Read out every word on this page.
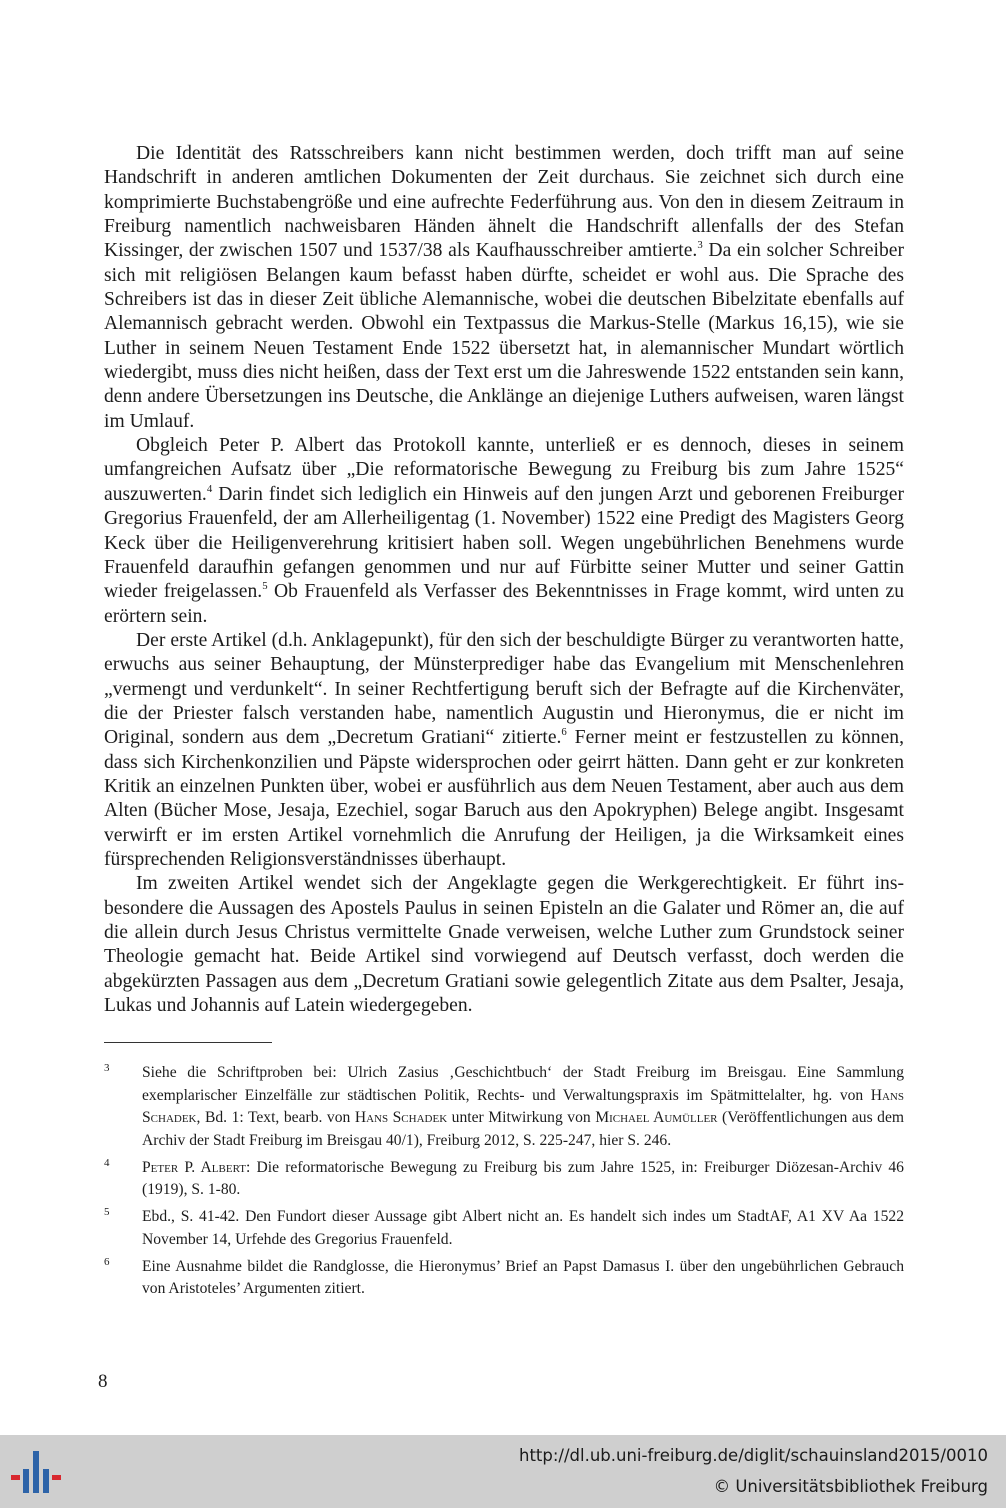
Die Identität des Ratsschreibers kann nicht bestimmen werden, doch trifft man auf seine Handschrift in anderen amtlichen Dokumenten der Zeit durchaus. Sie zeichnet sich durch eine komprimierte Buchstabengröße und eine aufrechte Federführung aus. Von den in diesem Zeitraum in Freiburg namentlich nachweisbaren Händen ähnelt die Handschrift allenfalls der des Stefan Kissinger, der zwischen 1507 und 1537/38 als Kaufhausschreiber amtierte.$^3$ Da ein solcher Schreiber sich mit religiösen Belangen kaum befasst haben dürfte, scheidet er wohl aus. Die Sprache des Schreibers ist das in dieser Zeit übliche Alemannische, wobei die deutschen Bibelzitate ebenfalls auf Alemannisch gebracht werden. Obwohl ein Textpassus die Markus-Stelle (Markus 16,15), wie sie Luther in seinem Neuen Testament Ende 1522 übersetzt hat, in alemannischer Mundart wörtlich wiedergibt, muss dies nicht heißen, dass der Text erst um die Jahreswende 1522 entstanden sein kann, denn andere Übersetzungen ins Deutsche, die Anklänge an diejenige Luthers aufweisen, waren längst im Umlauf.

Obgleich Peter P. Albert das Protokoll kannte, unterließ er es dennoch, dieses in seinem umfangreichen Aufsatz über „Die reformatorische Bewegung zu Freiburg bis zum Jahre 1525“ auszuwerten.$^4$ Darin findet sich lediglich ein Hinweis auf den jungen Arzt und geborenen Freiburger Gregorius Frauenfeld, der am Allerheiligentag (1. November) 1522 eine Predigt des Magisters Georg Keck über die Heiligenverehrung kritisiert haben soll. Wegen ungebührlichen Benehmens wurde Frauenfeld daraufhin gefangen genommen und nur auf Fürbitte seiner Mutter und seiner Gattin wieder freigelassen.$^5$ Ob Frauenfeld als Verfasser des Bekenntnisses in Frage kommt, wird unten zu erörtern sein.

Der erste Artikel (d.h. Anklagepunkt), für den sich der beschuldigte Bürger zu verantworten hatte, erwuchs aus seiner Behauptung, der Münsterprediger habe das Evangelium mit Menschenlehren „vermengt und verdunkelt“. In seiner Rechtfertigung beruft sich der Befragte auf die Kirchenväter, die der Priester falsch verstanden habe, namentlich Augustin und Hieronymus, die er nicht im Original, sondern aus dem „Decretum Gratiani“ zitierte.$^6$ Ferner meint er festzustellen zu können, dass sich Kirchenkonzilien und Päpste widersprochen oder geirrt hätten. Dann geht er zur konkreten Kritik an einzelnen Punkten über, wobei er ausführlich aus dem Neuen Testament, aber auch aus dem Alten (Bücher Mose, Jesaja, Ezechiel, sogar Baruch aus den Apokryphen) Belege angibt. Insgesamt verwirft er im ersten Artikel vornehmlich die Anrufung der Heiligen, ja die Wirksamkeit eines fürsprechenden Religionsverständnisses überhaupt.

Im zweiten Artikel wendet sich der Angeklagte gegen die Werkgerechtigkeit. Er führt insbesondere die Aussagen des Apostels Paulus in seinen Episteln an die Galater und Römer an, die auf die allein durch Jesus Christus vermittelte Gnade verweisen, welche Luther zum Grundstock seiner Theologie gemacht hat. Beide Artikel sind vorwiegend auf Deutsch verfasst, doch werden die abgekürzten Passagen aus dem „Decretum Gratiani sowie gelegentlich Zitate aus dem Psalter, Jesaja, Lukas und Johannis auf Latein wiedergegeben.

3 Siehe die Schriftproben bei: Ulrich Zasius ‚Geschichtbuch‘ der Stadt Freiburg im Breisgau. Eine Sammlung exemplarischer Einzelfälle zur städtischen Politik, Rechts- und Verwaltungspraxis im Spätmittelalter, hg. von Hans Schadek, Bd. 1: Text, bearb. von Hans Schadek unter Mitwirkung von Michael Aumüller (Veröffentlichungen aus dem Archiv der Stadt Freiburg im Breisgau 40/1), Freiburg 2012, S. 225-247, hier S. 246.
4 Peter P. Albert: Die reformatorische Bewegung zu Freiburg bis zum Jahre 1525, in: Freiburger Diözesan-Archiv 46 (1919), S. 1-80.
5 Ebd., S. 41-42. Den Fundort dieser Aussage gibt Albert nicht an. Es handelt sich indes um StadtAF, A1 XV Aa 1522 November 14, Urfehde des Gregorius Frauenfeld.
6 Eine Ausnahme bildet die Randglosse, die Hieronymus’ Brief an Papst Damasus I. über den ungebührlichen Gebrauch von Aristoteles’ Argumenten zitiert.
8
http://dl.ub.uni-freiburg.de/diglit/schauinsland2015/0010
© Universitätsbibliothek Freiburg
